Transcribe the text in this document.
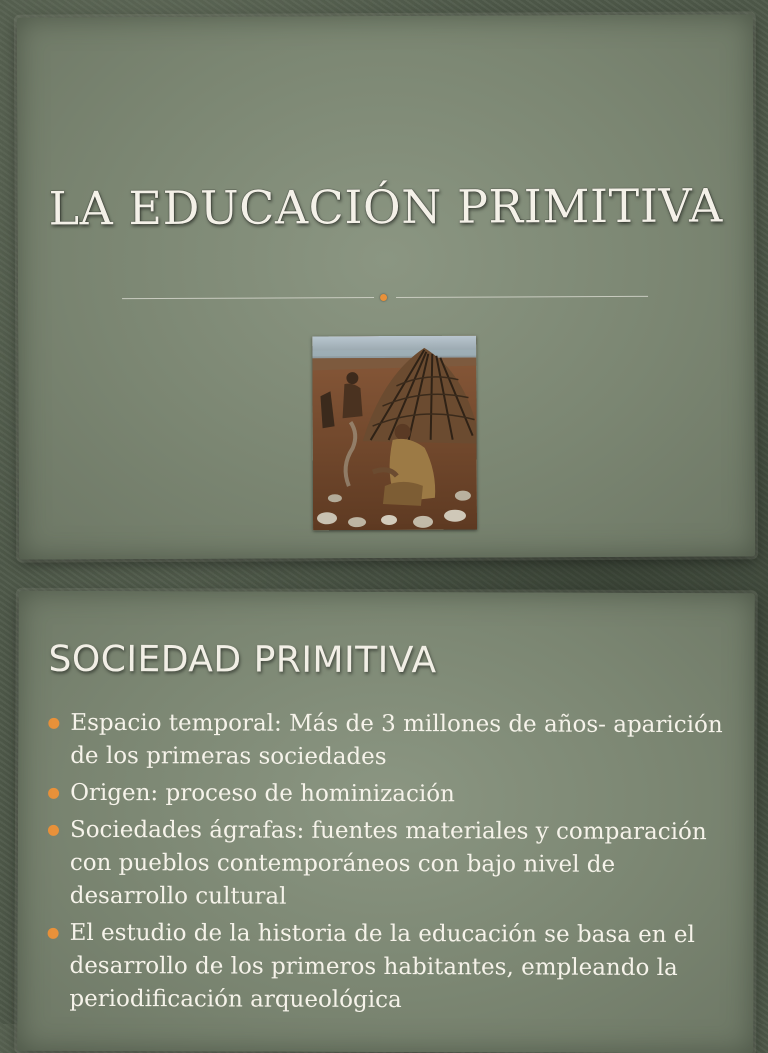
LA EDUCACIÓN PRIMITIVA
SOCIEDAD PRIMITIVA
Espacio temporal: Más de 3 millones de años- aparición de los primeras sociedades
Origen: proceso de hominización
Sociedades ágrafas: fuentes materiales y comparación con pueblos contemporáneos con bajo nivel de desarrollo cultural
El estudio de la historia de la educación se basa en el desarrollo de los primeros habitantes, empleando la periodificación arqueológica
